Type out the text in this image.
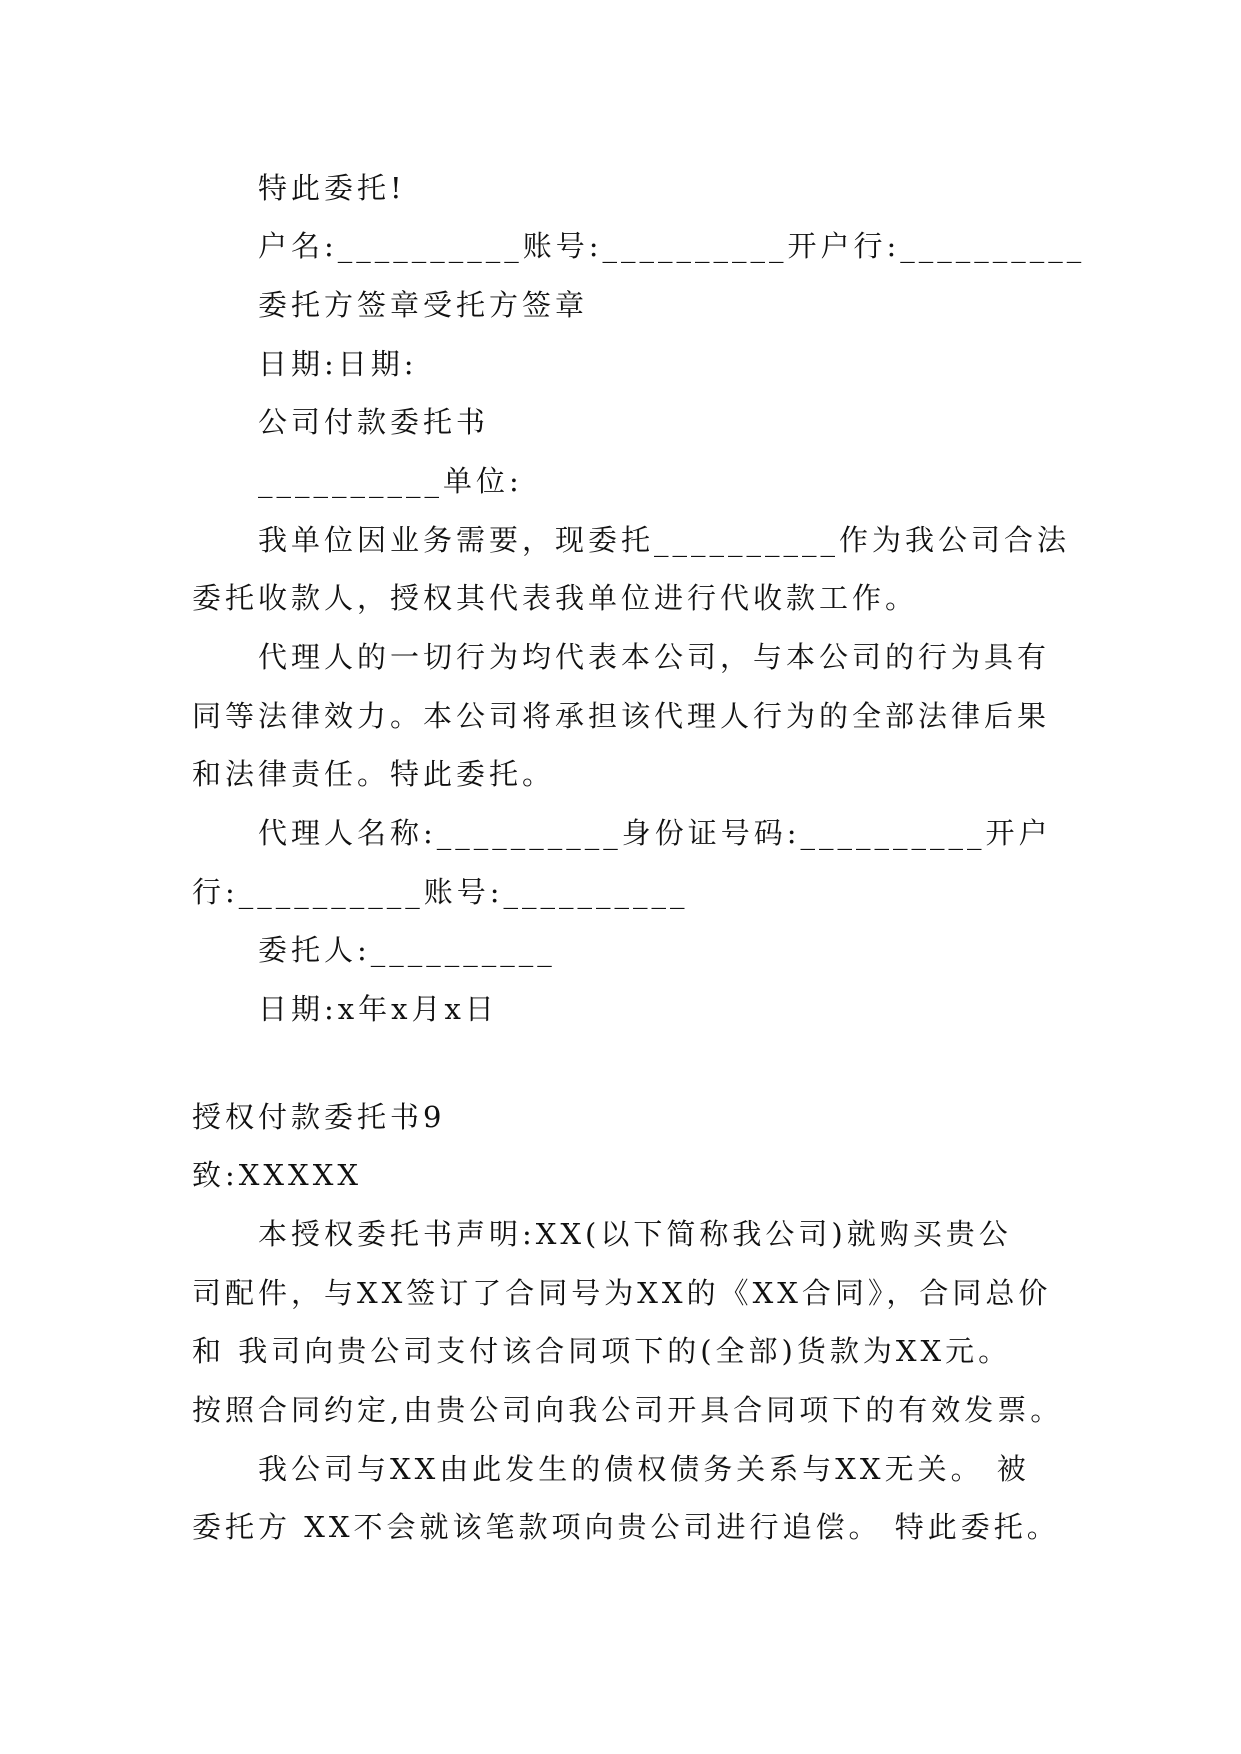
特此委托!
户名:__________账号:__________开户行:__________
委托方签章受托方签章
日期:日期:
公司付款委托书
__________单位:
我单位因业务需要，现委托__________作为我公司合法
委托收款人，授权其代表我单位进行代收款工作。
代理人的一切行为均代表本公司，与本公司的行为具有
同等法律效力。本公司将承担该代理人行为的全部法律后果
和法律责任。特此委托。
代理人名称:__________身份证号码:__________开户
行:__________账号:__________
委托人:__________
日期:x年x月x日
授权付款委托书9
致:XXXXX
本授权委托书声明:XX(以下简称我公司)就购买贵公
司配件，与XX签订了合同号为XX的《XX合同》，合同总价
和 我司向贵公司支付该合同项下的(全部)货款为XX元。
按照合同约定,由贵公司向我公司开具合同项下的有效发票。
我公司与XX由此发生的债权债务关系与XX无关。 被
委托方 XX不会就该笔款项向贵公司进行追偿。 特此委托。
